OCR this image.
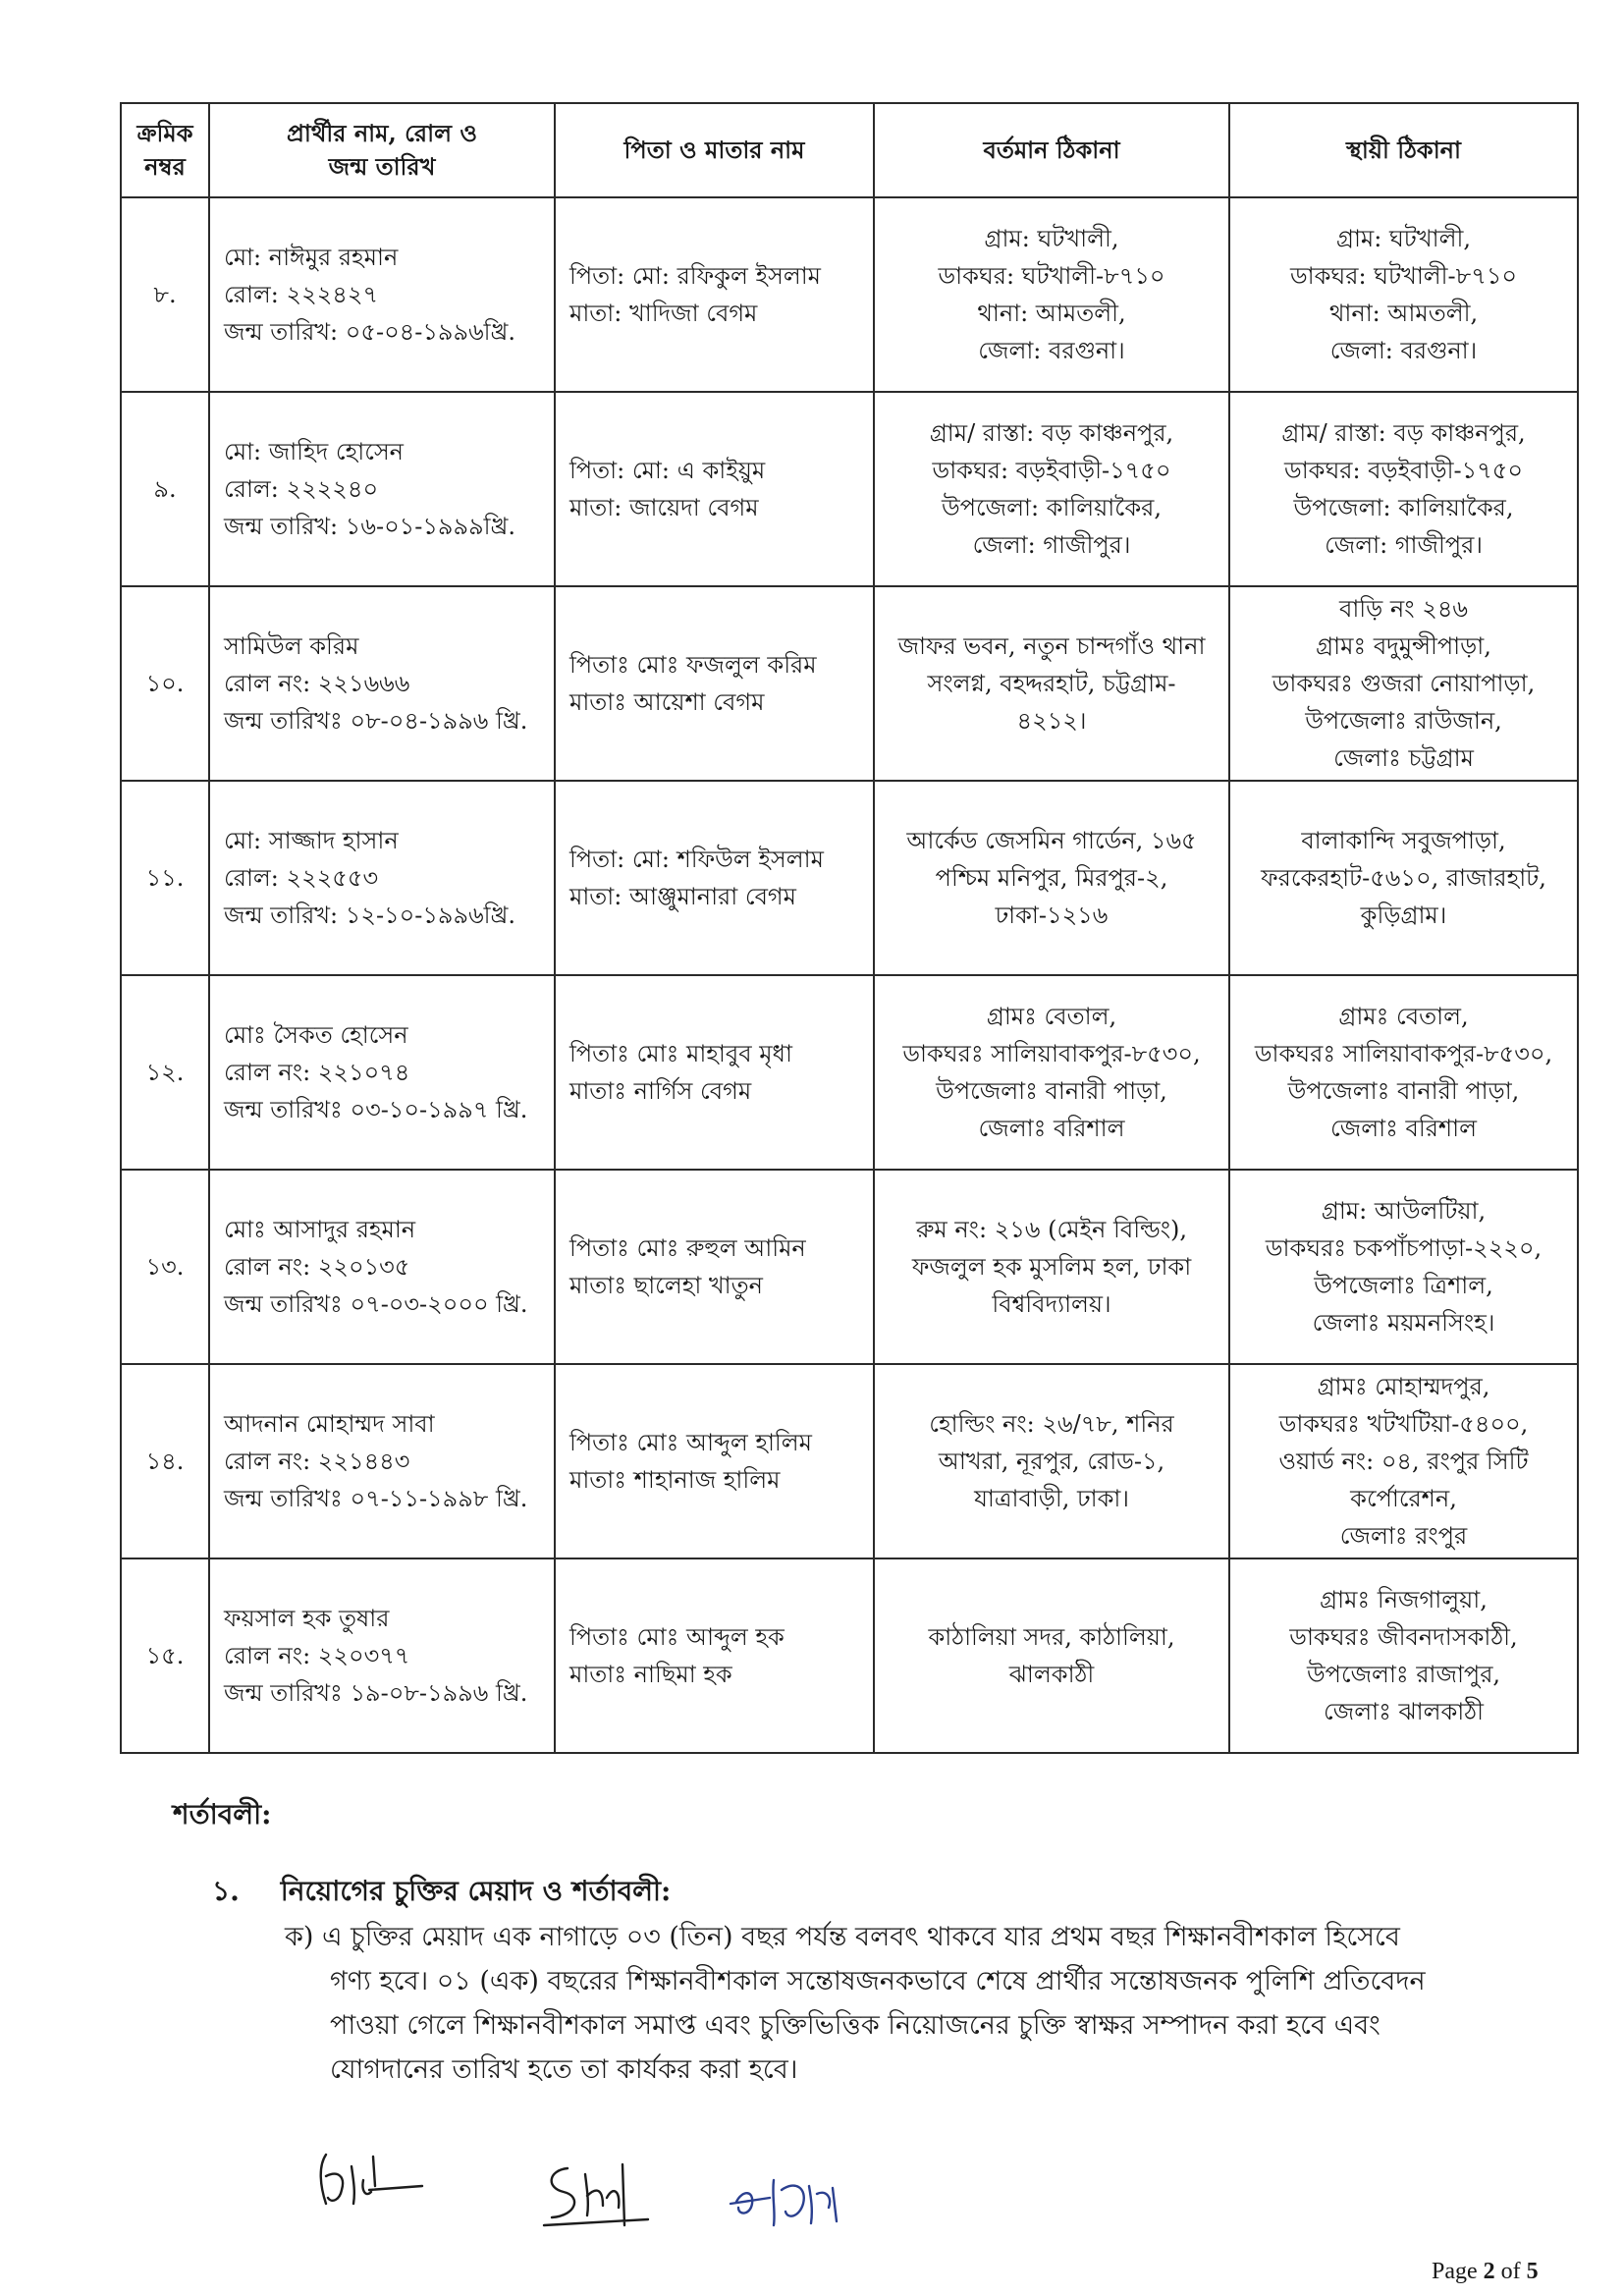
ক্রমিক
নম্বর	প্রার্থীর নাম, রোল ও
জন্ম তারিখ	পিতা ও মাতার নাম	বর্তমান ঠিকানা	স্থায়ী ঠিকানা

৮.	মো: নাঈমুর রহমান
রোল: ২২২৪২৭
জন্ম তারিখ: ০৫-০৪-১৯৯৬খ্রি.	পিতা: মো: রফিকুল ইসলাম
মাতা: খাদিজা বেগম	গ্রাম: ঘটখালী,
ডাকঘর: ঘটখালী-৮৭১০
থানা: আমতলী,
জেলা: বরগুনা।	গ্রাম: ঘটখালী,
ডাকঘর: ঘটখালী-৮৭১০
থানা: আমতলী,
জেলা: বরগুনা।

৯.	মো: জাহিদ হোসেন
রোল: ২২২২৪০
জন্ম তারিখ: ১৬-০১-১৯৯৯খ্রি.	পিতা: মো: এ কাইয়ুম
মাতা: জায়েদা বেগম	গ্রাম/ রাস্তা: বড় কাঞ্চনপুর,
ডাকঘর: বড়ইবাড়ী-১৭৫০
উপজেলা: কালিয়াকৈর,
জেলা: গাজীপুর।	গ্রাম/ রাস্তা: বড় কাঞ্চনপুর,
ডাকঘর: বড়ইবাড়ী-১৭৫০
উপজেলা: কালিয়াকৈর,
জেলা: গাজীপুর।

১০.	সামিউল করিম
রোল নং: ২২১৬৬৬
জন্ম তারিখঃ ০৮-০৪-১৯৯৬ খ্রি.	পিতাঃ মোঃ ফজলুল করিম
মাতাঃ আয়েশা বেগম	জাফর ভবন, নতুন চান্দগাঁও থানা
সংলগ্ন, বহদ্দরহাট, চট্টগ্রাম-
৪২১২।	বাড়ি নং ২৪৬
গ্রামঃ বদুমুন্সীপাড়া,
ডাকঘরঃ গুজরা নোয়াপাড়া,
উপজেলাঃ রাউজান,
জেলাঃ চট্টগ্রাম

১১.	মো: সাজ্জাদ হাসান
রোল: ২২২৫৫৩
জন্ম তারিখ: ১২-১০-১৯৯৬খ্রি.	পিতা: মো: শফিউল ইসলাম
মাতা: আঞ্জুমানারা বেগম	আর্কেড জেসমিন গার্ডেন, ১৬৫
পশ্চিম মনিপুর, মিরপুর-২,
ঢাকা-১২১৬	বালাকান্দি সবুজপাড়া,
ফরকেরহাট-৫৬১০, রাজারহাট,
কুড়িগ্রাম।

১২.	মোঃ সৈকত হোসেন
রোল নং: ২২১০৭৪
জন্ম তারিখঃ ০৩-১০-১৯৯৭ খ্রি.	পিতাঃ মোঃ মাহাবুব মৃধা
মাতাঃ নার্গিস বেগম	গ্রামঃ বেতাল,
ডাকঘরঃ সালিয়াবাকপুর-৮৫৩০,
উপজেলাঃ বানারী পাড়া,
জেলাঃ বরিশাল	গ্রামঃ বেতাল,
ডাকঘরঃ সালিয়াবাকপুর-৮৫৩০,
উপজেলাঃ বানারী পাড়া,
জেলাঃ বরিশাল

১৩.	মোঃ আসাদুর রহমান
রোল নং: ২২০১৩৫
জন্ম তারিখঃ ০৭-০৩-২০০০ খ্রি.	পিতাঃ মোঃ রুহুল আমিন
মাতাঃ ছালেহা খাতুন	রুম নং: ২১৬ (মেইন বিল্ডিং),
ফজলুল হক মুসলিম হল, ঢাকা
বিশ্ববিদ্যালয়।	গ্রাম: আউলটিয়া,
ডাকঘরঃ চকপাঁচপাড়া-২২২০,
উপজেলাঃ ত্রিশাল,
জেলাঃ ময়মনসিংহ।

১৪.	আদনান মোহাম্মদ সাবা
রোল নং: ২২১৪৪৩
জন্ম তারিখঃ ০৭-১১-১৯৯৮ খ্রি.	পিতাঃ মোঃ আব্দুল হালিম
মাতাঃ শাহানাজ হালিম	হোল্ডিং নং: ২৬/৭৮, শনির
আখরা, নূরপুর, রোড-১,
যাত্রাবাড়ী, ঢাকা।	গ্রামঃ মোহাম্মদপুর,
ডাকঘরঃ খটখটিয়া-৫৪০০,
ওয়ার্ড নং: ০৪, রংপুর সিটি
কর্পোরেশন,
জেলাঃ রংপুর

১৫.	ফয়সাল হক তুষার
রোল নং: ২২০৩৭৭
জন্ম তারিখঃ ১৯-০৮-১৯৯৬ খ্রি.	পিতাঃ মোঃ আব্দুল হক
মাতাঃ নাছিমা হক	কাঠালিয়া সদর, কাঠালিয়া,
ঝালকাঠী	গ্রামঃ নিজগালুয়া,
ডাকঘরঃ জীবনদাসকাঠী,
উপজেলাঃ রাজাপুর,
জেলাঃ ঝালকাঠী
শর্তাবলী:
১. নিয়োগের চুক্তির মেয়াদ ও শর্তাবলী:
ক) এ চুক্তির মেয়াদ এক নাগাড়ে ০৩ (তিন) বছর পর্যন্ত বলবৎ থাকবে যার প্রথম বছর শিক্ষানবীশকাল হিসেবে
গণ্য হবে। ০১ (এক) বছরের শিক্ষানবীশকাল সন্তোষজনকভাবে শেষে প্রার্থীর সন্তোষজনক পুলিশি প্রতিবেদন
পাওয়া গেলে শিক্ষানবীশকাল সমাপ্ত এবং চুক্তিভিত্তিক নিয়োজনের চুক্তি স্বাক্ষর সম্পাদন করা হবে এবং
যোগদানের তারিখ হতে তা কার্যকর করা হবে।
Page 2 of 5
